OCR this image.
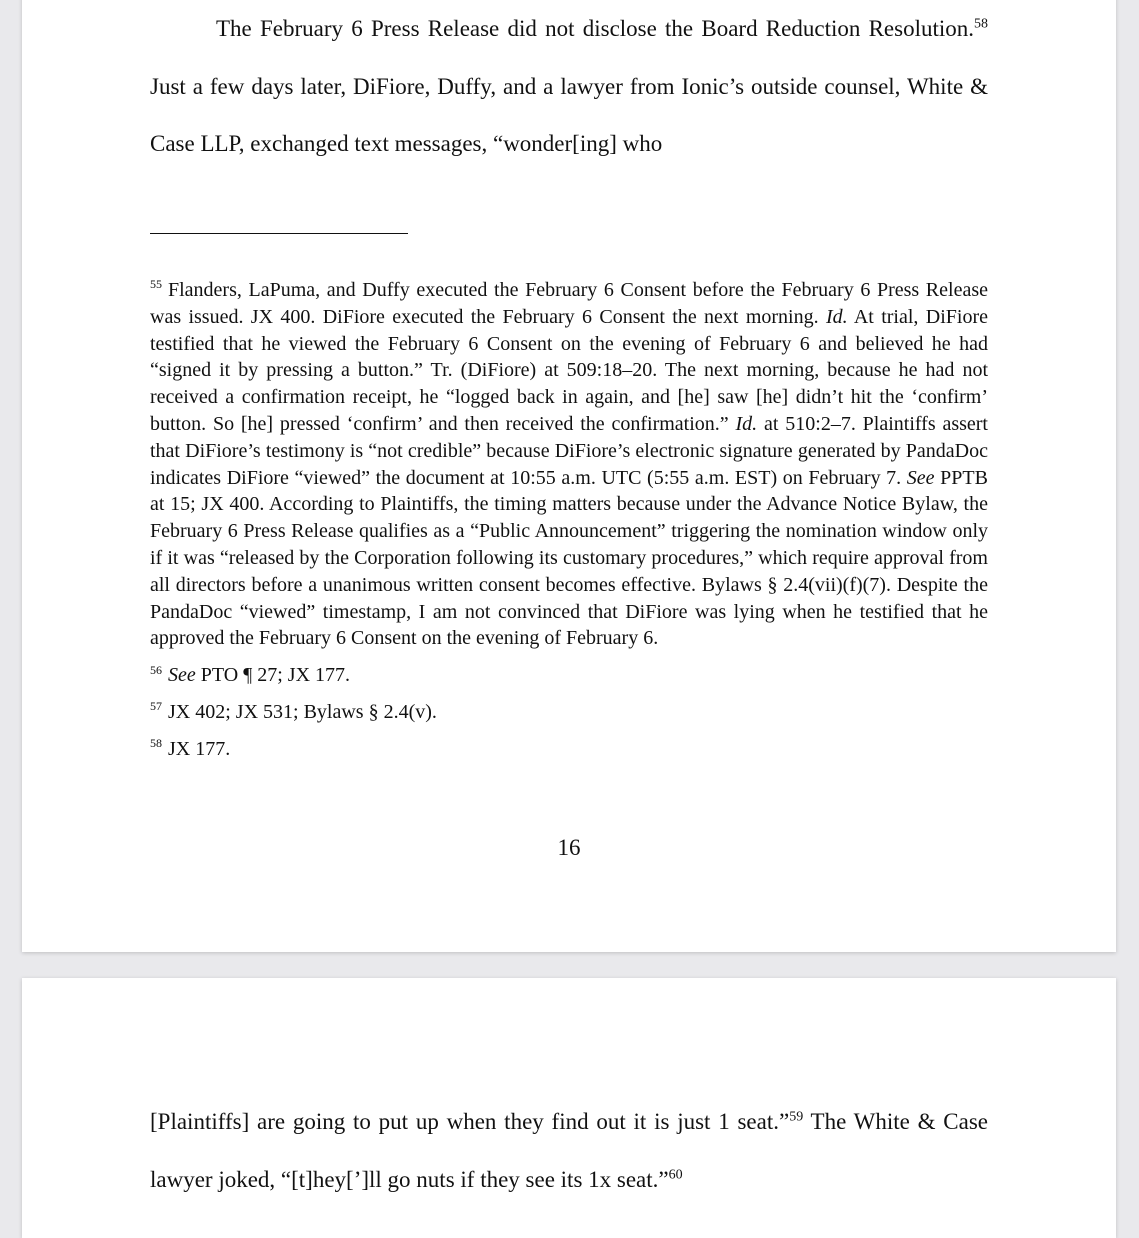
The February 6 Press Release did not disclose the Board Reduction Resolution.$^{58}$ Just a few days later, DiFiore, Duffy, and a lawyer from Ionic’s outside counsel, White & Case LLP, exchanged text messages, “wonder[ing] who

$^{55}$ Flanders, LaPuma, and Duffy executed the February 6 Consent before the February 6 Press Release was issued. JX 400. DiFiore executed the February 6 Consent the next morning. Id. At trial, DiFiore testified that he viewed the February 6 Consent on the evening of February 6 and believed he had “signed it by pressing a button.” Tr. (DiFiore) at 509:18–20. The next morning, because he had not received a confirmation receipt, he “logged back in again, and [he] saw [he] didn’t hit the ‘confirm’ button. So [he] pressed ‘confirm’ and then received the confirmation.” Id. at 510:2–7. Plaintiffs assert that DiFiore’s testimony is “not credible” because DiFiore’s electronic signature generated by PandaDoc indicates DiFiore “viewed” the document at 10:55 a.m. UTC (5:55 a.m. EST) on February 7. See PPTB at 15; JX 400. According to Plaintiffs, the timing matters because under the Advance Notice Bylaw, the February 6 Press Release qualifies as a “Public Announcement” triggering the nomination window only if it was “released by the Corporation following its customary procedures,” which require approval from all directors before a unanimous written consent becomes effective. Bylaws § 2.4(vii)(f)(7). Despite the PandaDoc “viewed” timestamp, I am not convinced that DiFiore was lying when he testified that he approved the February 6 Consent on the evening of February 6.

$^{56}$ See PTO ¶ 27; JX 177.

$^{57}$ JX 402; JX 531; Bylaws § 2.4(v).

$^{58}$ JX 177.

16

[Plaintiffs] are going to put up when they find out it is just 1 seat.”$^{59}$ The White & Case lawyer joked, “[t]hey[’]ll go nuts if they see its 1x seat.”$^{60}$
